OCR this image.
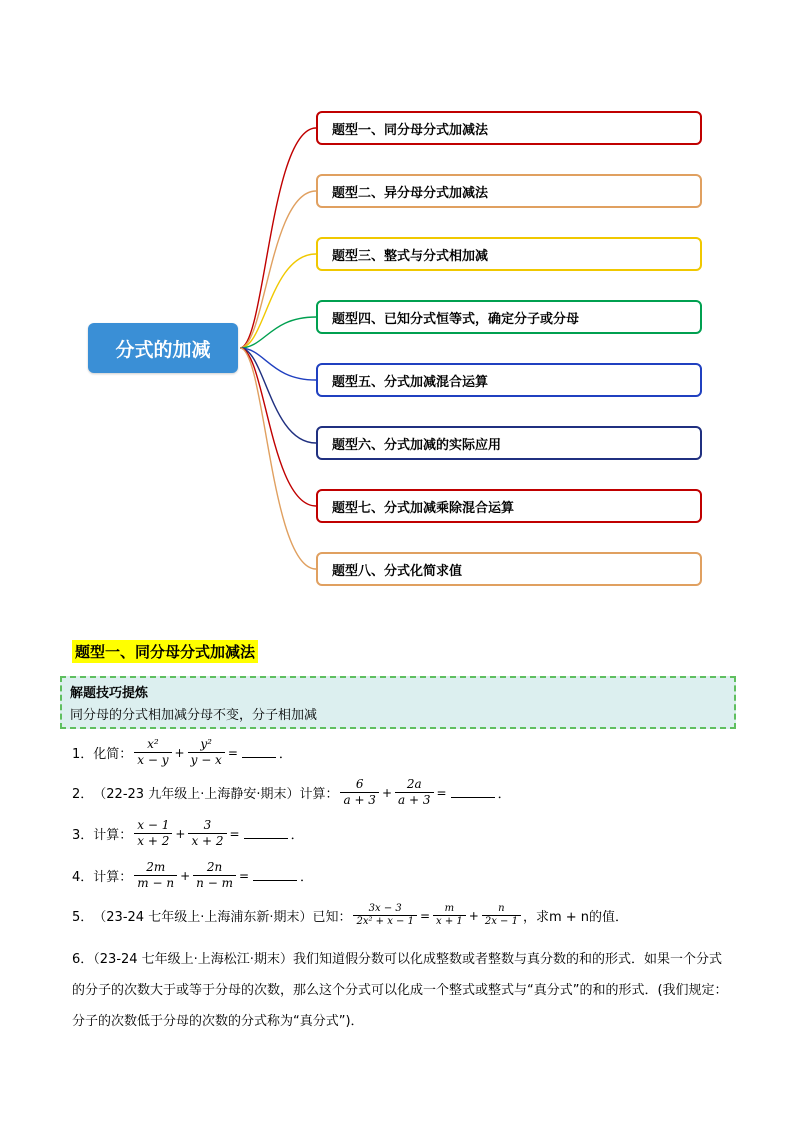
分式的加减
题型一、同分母分式加减法
题型二、异分母分式加减法
题型三、整式与分式相加减
题型四、已知分式恒等式，确定分子或分母
题型五、分式加减混合运算
题型六、分式加减的实际应用
题型七、分式加减乘除混合运算
题型八、分式化简求值
题型一、同分母分式加减法
解题技巧提炼
同分母的分式相加减分母不变，分子相加减
1． 化简： $\frac{\text{x²}}{x - y} + \frac{\text{y²}}{y - x}$ =	．
2． （22-23 九年级上·上海静安·期末）计算： $\frac{6}{a + 3} + \frac{2a}{a + 3}$ =	．
3． 计算： $\frac{x - 1}{x + 2} + \frac{3}{x + 2}$ =	．
4． 计算： $\frac{2m}{m - n} + \frac{2n}{n - m}$ =	．
5． （23-24 七年级上·上海浦东新·期末）已知： $\frac{3x - 3}{\text{2x² + x − 1}} = \frac{m}{x + 1} + \frac{n}{2x - 1}$ ，求m + n的值．
6．（23-24 七年级上·上海松江·期末）我们知道假分数可以化成整数或者整数与真分数的和的形式．如果一个分式的分子的次数大于或等于分母的次数，那么这个分式可以化成一个整式或整式与“真分式”的和的形式．(我们规定：分子的次数低于分母的次数的分式称为“真分式”)．
